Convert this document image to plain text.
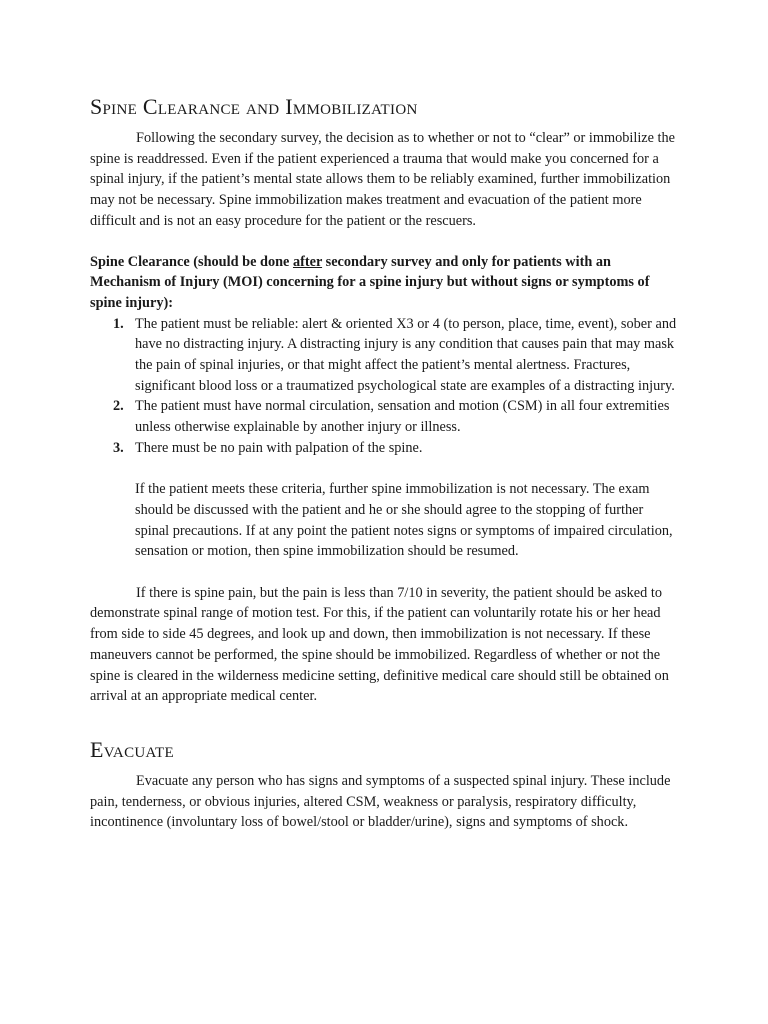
Spine Clearance and Immobilization

Following the secondary survey, the decision as to whether or not to “clear” or immobilize the spine is readdressed. Even if the patient experienced a trauma that would make you concerned for a spinal injury, if the patient’s mental state allows them to be reliably examined, further immobilization may not be necessary. Spine immobilization makes treatment and evacuation of the patient more difficult and is not an easy procedure for the patient or the rescuers.

Spine Clearance (should be done after secondary survey and only for patients with an Mechanism of Injury (MOI) concerning for a spine injury but without signs or symptoms of spine injury):

1. The patient must be reliable: alert & oriented X3 or 4 (to person, place, time, event), sober and have no distracting injury. A distracting injury is any condition that causes pain that may mask the pain of spinal injuries, or that might affect the patient’s mental alertness. Fractures, significant blood loss or a traumatized psychological state are examples of a distracting injury.
2. The patient must have normal circulation, sensation and motion (CSM) in all four extremities unless otherwise explainable by another injury or illness.
3. There must be no pain with palpation of the spine.

If the patient meets these criteria, further spine immobilization is not necessary. The exam should be discussed with the patient and he or she should agree to the stopping of further spinal precautions. If at any point the patient notes signs or symptoms of impaired circulation, sensation or motion, then spine immobilization should be resumed.

If there is spine pain, but the pain is less than 7/10 in severity, the patient should be asked to demonstrate spinal range of motion test. For this, if the patient can voluntarily rotate his or her head from side to side 45 degrees, and look up and down, then immobilization is not necessary. If these maneuvers cannot be performed, the spine should be immobilized. Regardless of whether or not the spine is cleared in the wilderness medicine setting, definitive medical care should still be obtained on arrival at an appropriate medical center.

Evacuate

Evacuate any person who has signs and symptoms of a suspected spinal injury. These include pain, tenderness, or obvious injuries, altered CSM, weakness or paralysis, respiratory difficulty, incontinence (involuntary loss of bowel/stool or bladder/urine), signs and symptoms of shock.
